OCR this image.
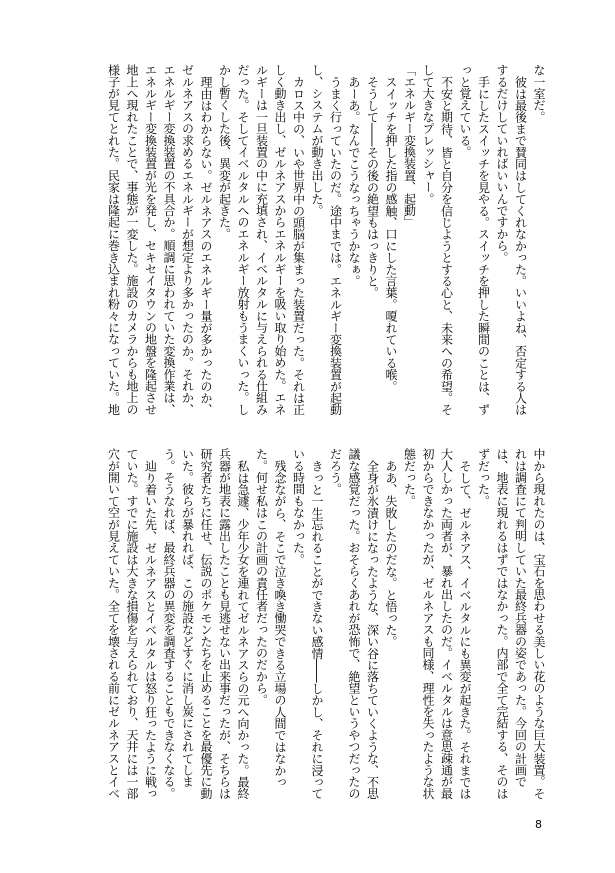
な一室だ。

彼は最後まで賛同はしてくれなかった。いいよね、否定する人はするだけしていればいいんですから。

手にしたスイッチを見やる。スイッチを押した瞬間のことは、ずっと覚えている。

不安と期待、皆と自分を信じようとする心と、未来への希望。そして大きなプレッシャー。

「エネルギー変換装置、起動」

スイッチを押した指の感触、口にした言葉。嗄れている喉。

そうして――その後の絶望もはっきりと。

あーあ。なんでこうなっちゃうかなぁ。

うまく行っていたのだ。途中までは。エネルギー変換装置が起動し、システムが動き出した。

カロス中の、いや世界中の頭脳が集まった装置だった。それは正しく動き出し、ゼルネアスからエネルギーを吸い取り始めた。エネルギーは一旦装置の中に充填され、イベルタルに与えられる仕組みだった。そしてイベルタルへのエネルギー放射もうまくいった。しかし暫くした後、異変が起きた。

理由はわからない。ゼルネアスのエネルギー量が多かったのか、ゼルネアスの求めるエネルギーが想定より多かったのか。それか、エネルギー変換装置の不具合か。順調に思われていた変換作業は、エネルギー変換装置が光を発し、セキセイタウンの地盤を隆起させ地上へ現れたことで、事態が一変した。施設のカメラからも地上の様子が見てとれた。民家は隆起に巻き込まれ粉々になっていた。地

中から現れたのは、宝石を思わせる美しい花のような巨大装置。それは調査にて判明していた最終兵器の姿であった。今回の計画では、地表に現れるはずではなかった。内部で全て完結する、そのはずだった。

そして、ゼルネアス、イベルタルにも異変が起きた。それまでは大人しかった両者が、暴れ出したのだ。イベルタルは意思疎通が最初からできなかったが、ゼルネアスも同様、理性を失ったような状態だった。

ああ、失敗したのだな。と悟った。

全身が氷漬けになったような、深い谷に落ちていくような、不思議な感覚だった。おそらくあれが恐怖で、絶望というやつだったのだろう。

きっと一生忘れることができない感情――しかし、それに浸っている時間もなかった。

残念ながら、そこで泣き喚き慟哭できる立場の人間ではなかった。何せ私はこの計画の責任者だったのだから。

私は急遽、少年少女を連れてゼルネアスらの元へ向かった。最終兵器が地表に露出したことも見逃せない出来事だったが、そちらは研究者たちに任せ、伝説のポケモンたちを止めることを最優先に動いた。彼らが暴れれば、この施設などすぐに消し炭にされてしまう。そうなれば、最終兵器の異変を調査することもできなくなる。

辿り着いた先、ゼルネアスとイベルタルは怒り狂ったように戦っていた。すでに施設は大きな損傷を与えられており、天井には一部穴が開いて空が見えていた。全てを壊される前にゼルネアスとイベ

8
